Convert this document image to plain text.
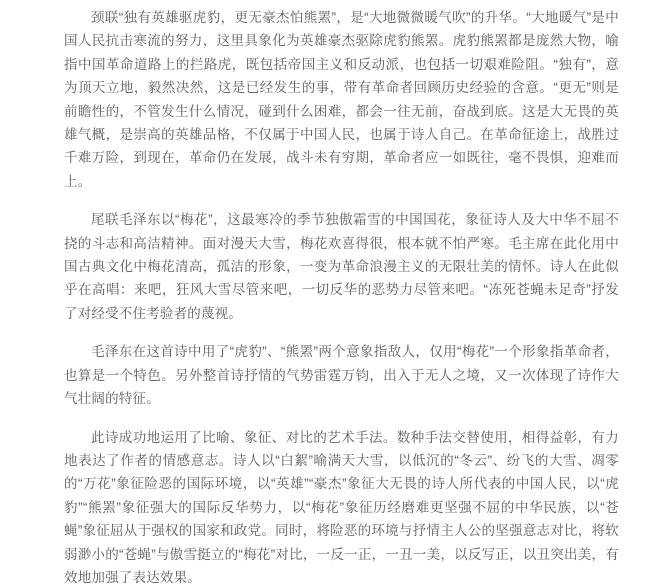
颈联“独有英雄驱虎豹，更无豪杰怕熊罴”，是“大地微微暖气吹”的升华。“大地暖气”是中国人民抗击寒流的努力，这里具象化为英雄豪杰驱除虎豹熊罴。虎豹熊罴都是庞然大物，喻指中国革命道路上的拦路虎，既包括帝国主义和反动派，也包括一切艰难险阻。“独有”，意为顶天立地，毅然决然，这是已经发生的事，带有革命者回顾历史经验的含意。“更无”则是前瞻性的，不管发生什么情况，碰到什么困难，都会一往无前，奋战到底。这是大无畏的英雄气概，是崇高的英雄品格，不仅属于中国人民，也属于诗人自己。在革命征途上，战胜过千难万险，到现在，革命仍在发展，战斗未有穷期，革命者应一如既往，毫不畏惧，迎难而上。

尾联毛泽东以“梅花”，这最寒冷的季节独傲霜雪的中国国花，象征诗人及大中华不屈不挠的斗志和高洁精神。面对漫天大雪，梅花欢喜得很，根本就不怕严寒。毛主席在此化用中国古典文化中梅花清高，孤洁的形象，一变为革命浪漫主义的无限壮美的情怀。诗人在此似乎在高唱：来吧，狂风大雪尽管来吧，一切反华的恶势力尽管来吧。“冻死苍蝇未足奇”抒发了对经受不住考验者的蔑视。

毛泽东在这首诗中用了“虎豹”、“熊罴”两个意象指敌人，仅用“梅花”一个形象指革命者，也算是一个特色。另外整首诗抒情的气势雷霆万钧，出入于无人之境，又一次体现了诗作大气壮阔的特征。

此诗成功地运用了比喻、象征、对比的艺术手法。数种手法交替使用，相得益彰，有力地表达了作者的情感意志。诗人以“白絮”喻满天大雪，以低沉的“冬云”、纷飞的大雪、凋零的“万花”象征险恶的国际环境，以“英雄”“豪杰”象征大无畏的诗人所代表的中国人民，以“虎豹”“熊罴”象征强大的国际反华势力，以“梅花”象征历经磨难更坚强不屈的中华民族，以“苍蝇”象征屈从于强权的国家和政党。同时，将险恶的环境与抒情主人公的坚强意志对比，将软弱渺小的“苍蝇”与傲雪挺立的“梅花”对比，一反一正，一丑一美，以反写正，以丑突出美，有效地加强了表达效果。
